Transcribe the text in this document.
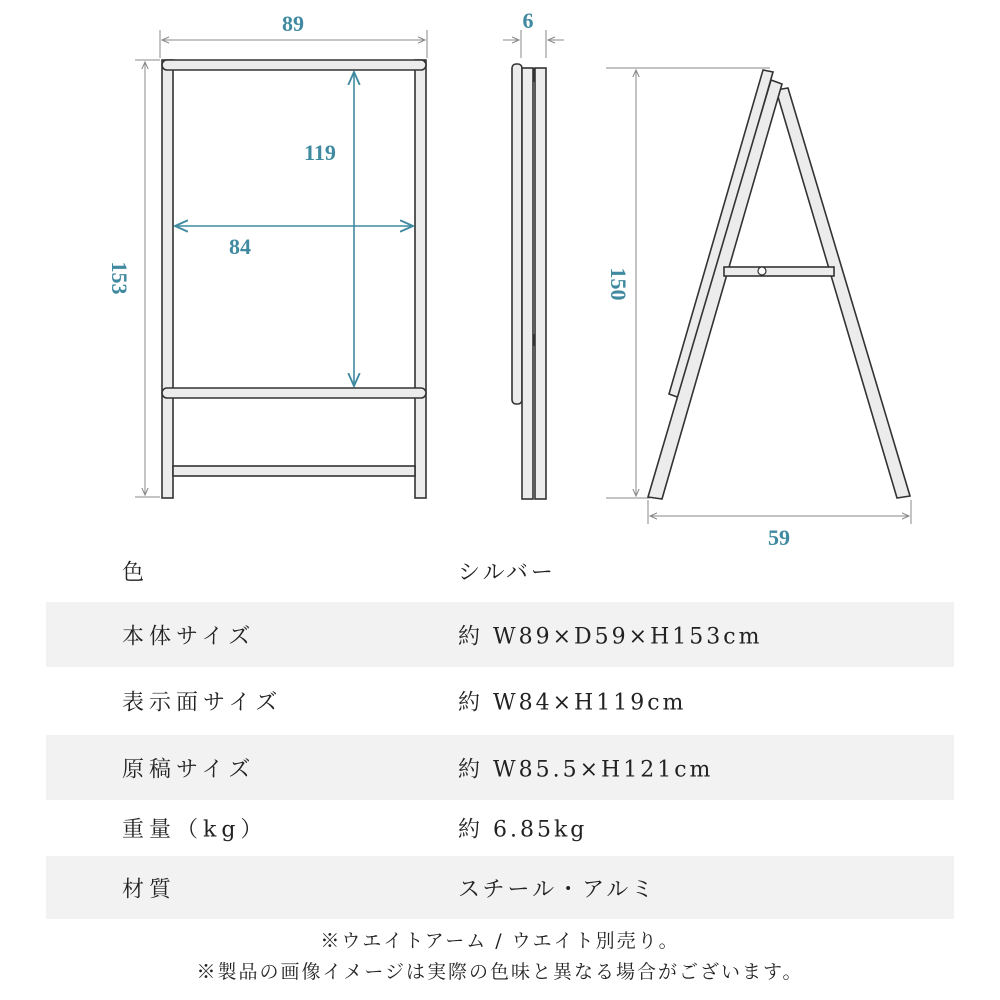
89
153
119
84
6
150
59
色	シルバー
本体サイズ	約 W89×D59×H153cm
表示面サイズ	約 W84×H119cm
原稿サイズ	約 W85.5×H121cm
重量（kg）	約 6.85kg
材質	スチール・アルミ
※ウエイトアーム / ウエイト別売り。
※製品の画像イメージは実際の色味と異なる場合がございます。
